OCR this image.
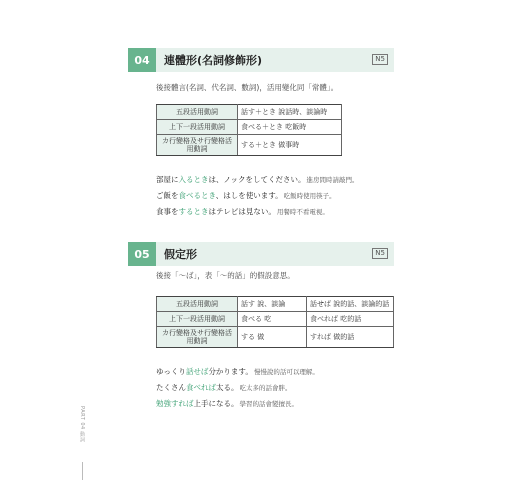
04	連體形(名詞修飾形)	N5
後接體言(名詞、代名詞、數詞)，活用變化同「常體」。
五段活用動詞	話す＋とき 說話時、談論時
上下一段活用動詞	食べる＋とき 吃飯時
カ行變格及サ行變格活用動詞	する＋とき 做事時
部屋に入るときは、ノックをしてください。進房間時請敲門。
ご飯を食べるとき、はしを使います。吃飯時使用筷子。
食事をするときはテレビは見ない。用餐時不看電視。
05	假定形	N5
後接「～ば」，表「～的話」的假設意思。
五段活用動詞	話す 說、談論	話せば 說的話、談論的話
上下一段活用動詞	食べる 吃	食べれば 吃的話
カ行變格及サ行變格活用動詞	する 做	すれば 做的話
ゆっくり話せば分かります。慢慢說的話可以理解。
たくさん食べれば太る。吃太多的話會胖。
勉強すれば上手になる。學習的話會變擅長。
PART 04 動詞
